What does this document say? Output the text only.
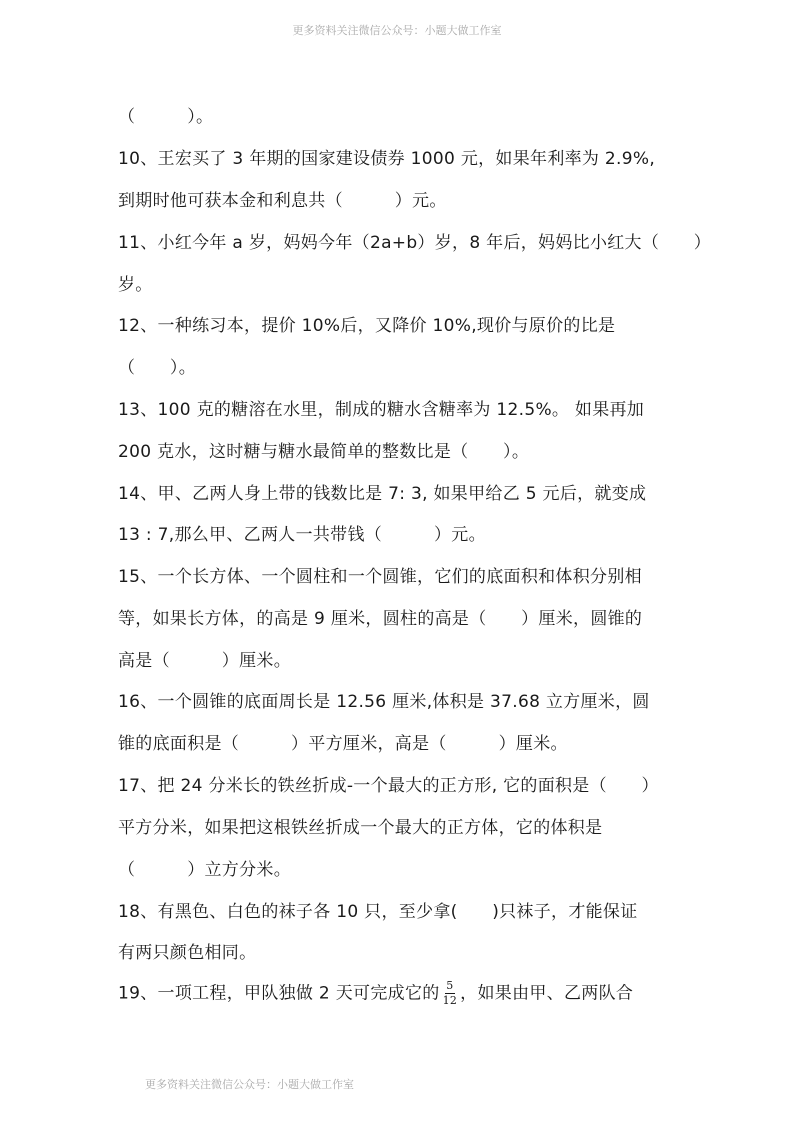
更多资料关注微信公众号：小题大做工作室
（　　　）。
10、王宏买了 3 年期的国家建设债券 1000 元，如果年利率为 2.9%,
到期时他可获本金和利息共（　　　）元。
11、小红今年 a 岁，妈妈今年（2a+b）岁，8 年后，妈妈比小红大（　　）
岁。
12、一种练习本，提价 10%后，又降价 10%,现价与原价的比是
（　　）。
13、100 克的糖溶在水里，制成的糖水含糖率为 12.5%。 如果再加
200 克水，这时糖与糖水最简单的整数比是（　　）。
14、甲、乙两人身上带的钱数比是 7: 3, 如果甲给乙 5 元后，就变成
13 : 7,那么甲、乙两人一共带钱（　　　）元。
15、一个长方体、一个圆柱和一个圆锥，它们的底面积和体积分别相
等，如果长方体，的高是 9 厘米，圆柱的高是（　　）厘米，圆锥的
高是（　　　）厘米。
16、一个圆锥的底面周长是 12.56 厘米,体积是 37.68 立方厘米，圆
锥的底面积是（　　　）平方厘米，高是（　　　）厘米。
17、把 24 分米长的铁丝折成-一个最大的正方形, 它的面积是（　　）
平方分米，如果把这根铁丝折成一个最大的正方体，它的体积是
（　　　）立方分米。
18、有黑色、白色的袜子各 10 只，至少拿(　　)只袜子，才能保证
有两只颜色相同。
19、一项工程，甲队独做 2 天可完成它的 $\frac{5}{12}$ ，如果由甲、乙两队合
更多资料关注微信公众号：小题大做工作室
